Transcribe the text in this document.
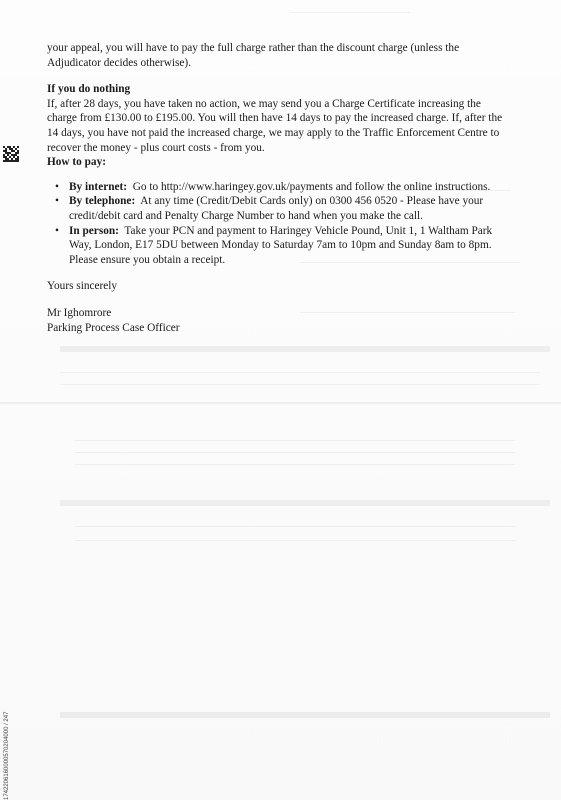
1742206160000570204000 / 247

your appeal, you will have to pay the full charge rather than the discount charge (unless the
Adjudicator decides otherwise).

If you do nothing

If, after 28 days, you have taken no action, we may send you a Charge Certificate increasing the
charge from £130.00 to £195.00. You will then have 14 days to pay the increased charge. If, after the
14 days, you have not paid the increased charge, we may apply to the Traffic Enforcement Centre to
recover the money - plus court costs - from you.

How to pay:

• By internet: Go to http://www.haringey.gov.uk/payments and follow the online instructions.
• By telephone: At any time (Credit/Debit Cards only) on 0300 456 0520 - Please have your
credit/debit card and Penalty Charge Number to hand when you make the call.
• In person: Take your PCN and payment to Haringey Vehicle Pound, Unit 1, 1 Waltham Park
Way, London, E17 5DU between Monday to Saturday 7am to 10pm and Sunday 8am to 8pm.
Please ensure you obtain a receipt.

Yours sincerely

Mr Ighomrore
Parking Process Case Officer
